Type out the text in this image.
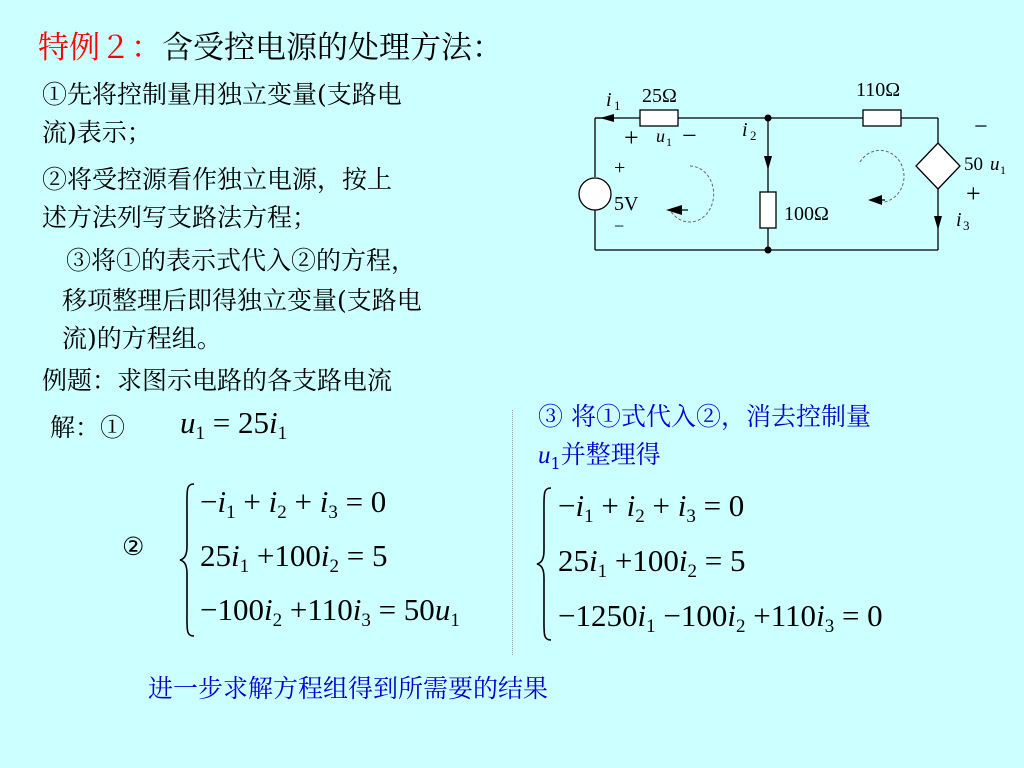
特例２：含受控电源的处理方法：
①先将控制量用独立变量(支路电
流)表示；
②将受控源看作独立电源，按上
述方法列写支路法方程；
③将①的表示式代入②的方程，
移项整理后即得独立变量(支路电
流)的方程组。
例题：求图示电路的各支路电流
解：① $u_1 = 25i_1$
②
$-i_1 + i_2 + i_3 = 0$
$25i_1 +100i_2 = 5$
$-100i_2 +110i_3 = 50u_1$
③ 将①式代入②，消去控制量
$u_1$并整理得
$-i_1 + i_2 + i_3 = 0$
$25i_1 +100i_2 = 5$
$-1250i_1 -100i_2 +110i_3 = 0$
进一步求解方程组得到所需要的结果
i 1 25Ω	110Ω
+ u 1 − i 2
+
5V
−
100Ω
−
50 u 1
+
i 3
